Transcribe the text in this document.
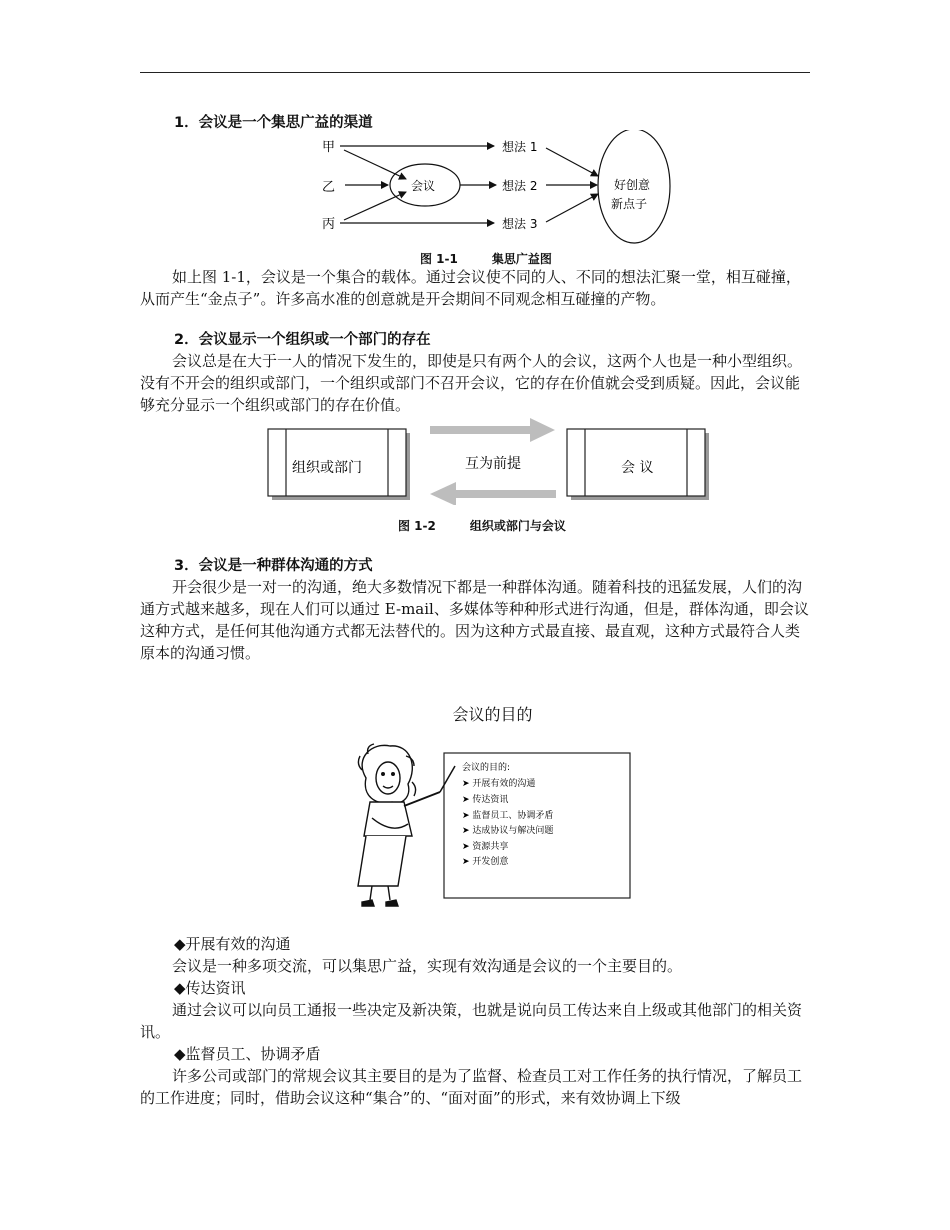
1．会议是一个集思广益的渠道
甲
乙
丙
会议
想法 1
想法 2
想法 3
好创意
新点子
图 1-1	集思广益图

如上图 1-1，会议是一个集合的载体。通过会议使不同的人、不同的想法汇聚一堂，相互碰撞，从而产生“金点子”。许多高水准的创意就是开会期间不同观念相互碰撞的产物。

2．会议显示一个组织或一个部门的存在

会议总是在大于一人的情况下发生的，即使是只有两个人的会议，这两个人也是一种小型组织。没有不开会的组织或部门，一个组织或部门不召开会议，它的存在价值就会受到质疑。因此，会议能够充分显示一个组织或部门的存在价值。

组织或部门	互为前提	会 议
图 1-2	组织或部门与会议
3．会议是一种群体沟通的方式

开会很少是一对一的沟通，绝大多数情况下都是一种群体沟通。随着科技的迅猛发展，人们的沟通方式越来越多，现在人们可以通过 E-mail、多媒体等种种形式进行沟通，但是，群体沟通，即会议这种方式，是任何其他沟通方式都无法替代的。因为这种方式最直接、最直观，这种方式最符合人类原本的沟通习惯。

会议的目的
会议的目的:
➤ 开展有效的沟通
➤ 传达资讯
➤ 监督员工、协调矛盾
➤ 达成协议与解决问题
➤ 资源共享
➤ 开发创意
◆开展有效的沟通

会议是一种多项交流，可以集思广益，实现有效沟通是会议的一个主要目的。

◆传达资讯

通过会议可以向员工通报一些决定及新决策，也就是说向员工传达来自上级或其他部门的相关资讯。

◆监督员工、协调矛盾

许多公司或部门的常规会议其主要目的是为了监督、检查员工对工作任务的执行情况，了解员工的工作进度；同时，借助会议这种“集合”的、“面对面”的形式，来有效协调上下级
